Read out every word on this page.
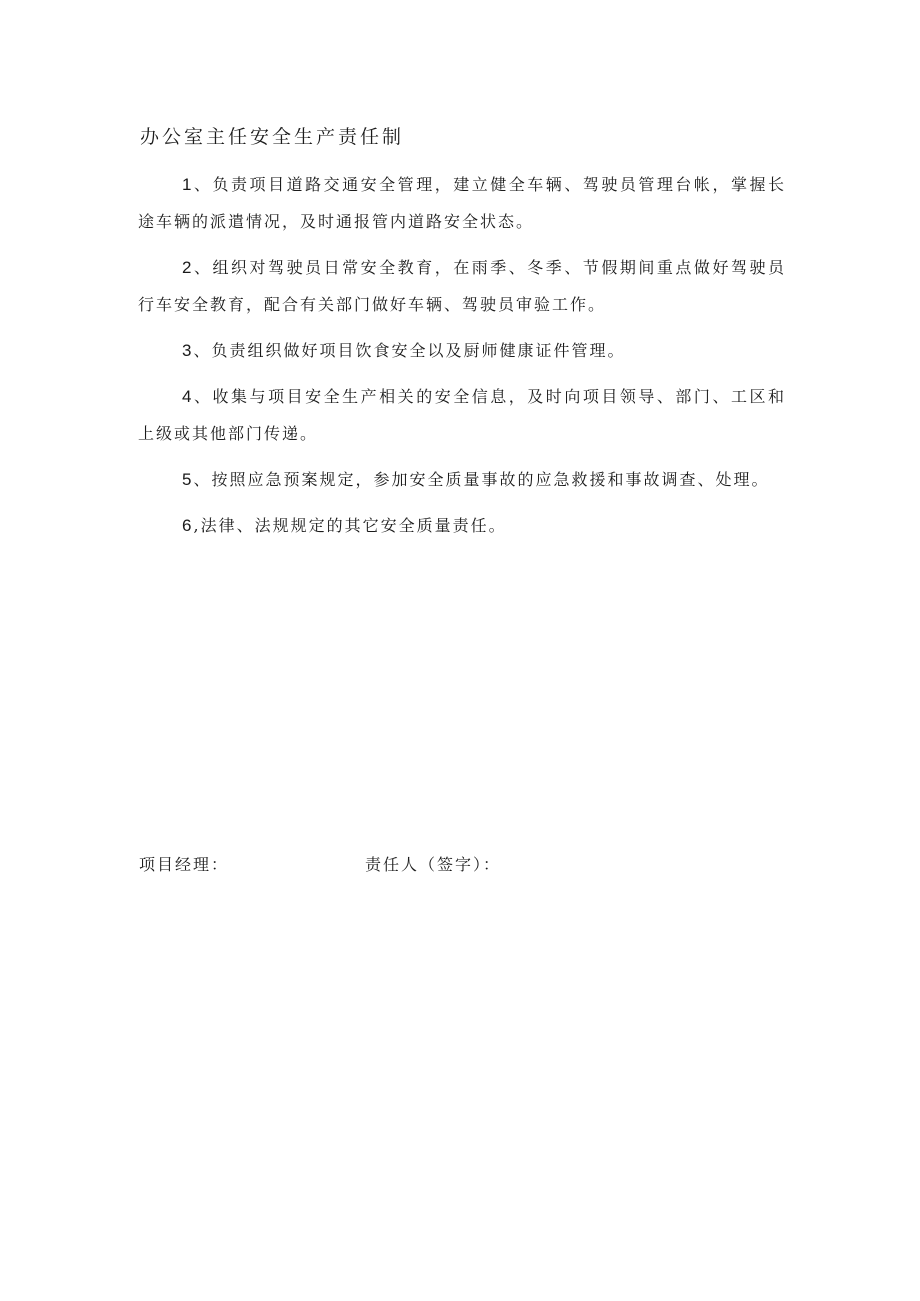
办公室主任安全生产责任制

1 、负责项目道路交通安全管理，建立健全车辆、驾驶员管理台帐，掌握长途车辆的派遣情况，及时通报管内道路安全状态。

2 、组织对驾驶员日常安全教育，在雨季、冬季、节假期间重点做好驾驶员行车安全教育，配合有关部门做好车辆、驾驶员审验工作。

3 、负责组织做好项目饮食安全以及厨师健康证件管理。

4 、收集与项目安全生产相关的安全信息，及时向项目领导、部门、工区和上级或其他部门传递。

5 、按照应急预案规定，参加安全质量事故的应急救援和事故调查、处理。

6 ,法律、法规规定的其它安全质量责任。

项目经理：	责任人（签字）：
